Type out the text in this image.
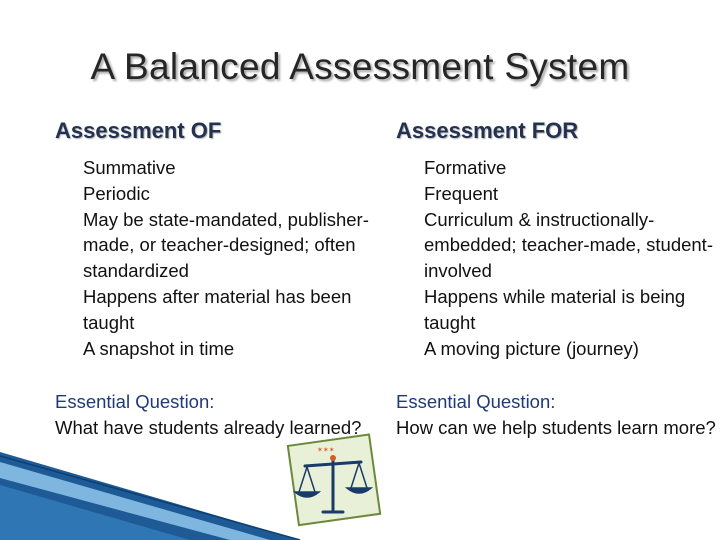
A Balanced Assessment System
Assessment OF
Summative
Periodic
May be state-mandated, publisher-made, or teacher-designed; often standardized
Happens after material has been taught
A snapshot in time
Essential Question:
What have students already learned?
Assessment FOR
Formative
Frequent
Curriculum & instructionally-embedded; teacher-made, student-involved
Happens while material is being taught
A moving picture (journey)
Essential Question:
How can we help students learn more?
✶✶✶
